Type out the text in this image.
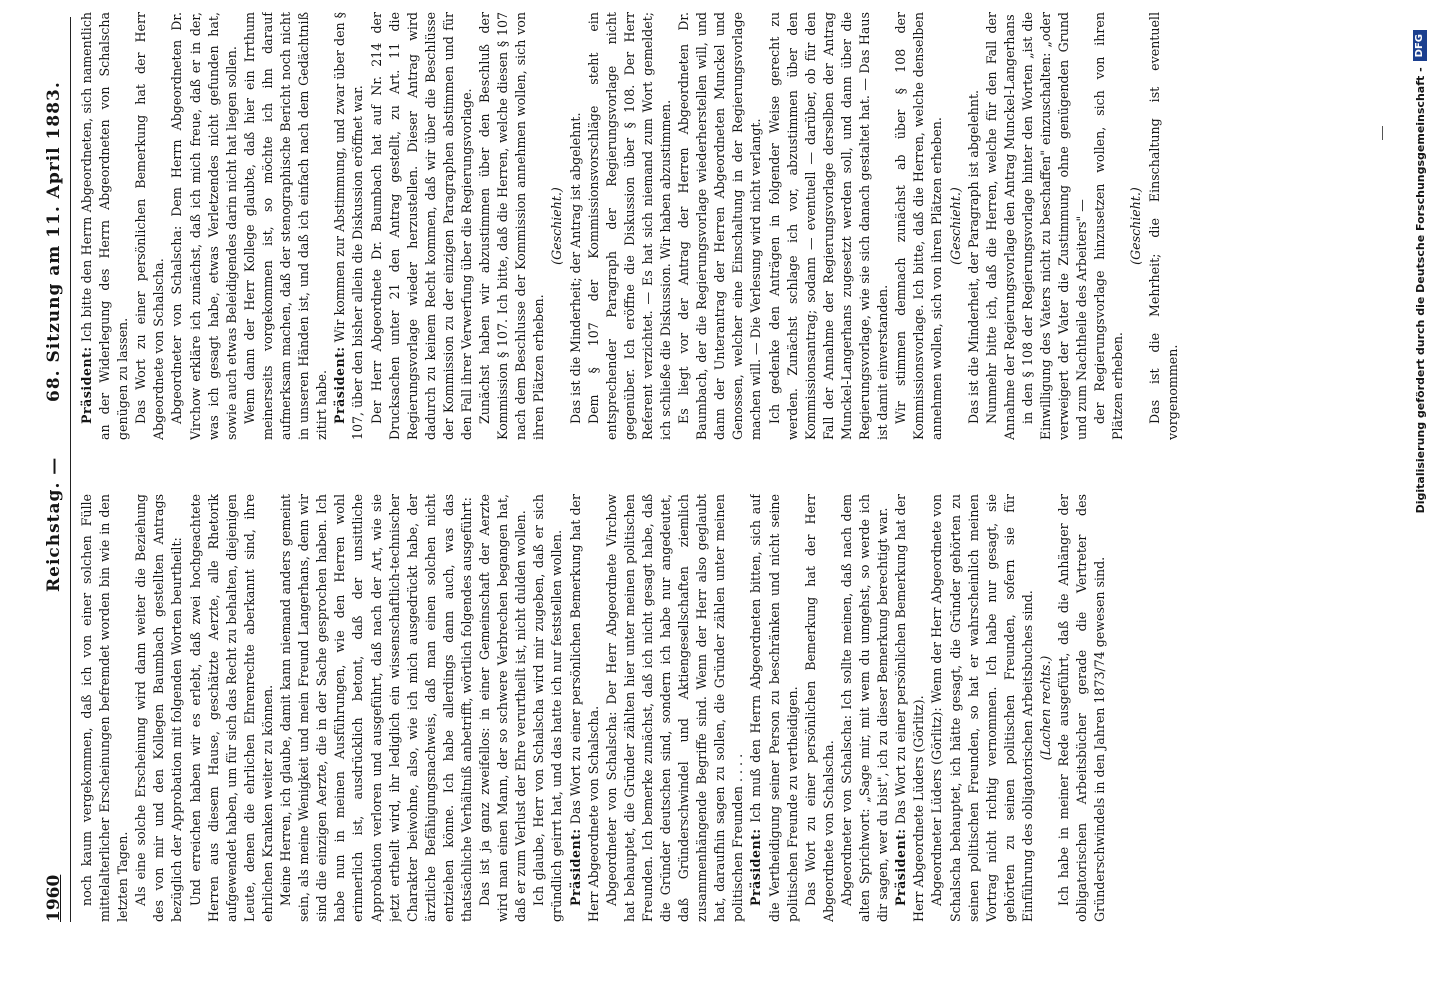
1960
Reichstag. —
68. Sitzung am 11. April 1883.

noch kaum vergekommen, daß ich von einer solchen Fülle mittelalterlicher Erscheinungen befremdet worden bin wie in den letzten Tagen. Als eine solche Erscheinung wird dann weiter die Beziehung des von mir und den Kollegen Baumbach gestellten Antrags bezüglich der Approbation mit folgenden Worten beurtheilt: Und erreichen haben wir es erlebt, daß zwei hochgeachtete Herren aus diesem Hause, geschätzte Aerzte, alle Rhetorik aufgewendet haben, um für sich das Recht zu behalten, diejenigen Leute, denen die ehrlichen Ehrenrechte aberkannt sind, ihre ehrlichen Kranken weiter zu können. Meine Herren, ich glaube, damit kann niemand anders gemeint sein, als meine Wenigkeit und mein Freund Langerhans, denn wir sind die einzigen Aerzte, die in der Sache gesprochen haben. Ich habe nun in meinen Ausführungen, wie den Herren wohl erinnerlich ist, ausdrücklich betont, daß der unsittliche Approbation verloren und ausgeführt, daß nach der Art, wie sie jetzt ertheilt wird, ihr lediglich ein wissenschaftlich-technischer Charakter beiwohne, also, wie ich mich ausgedrückt habe, der ärztliche Befähigungsnachweis, daß man einen solchen nicht entziehen könne. Ich habe allerdings dann auch, was das thatsächliche Verhältniß anbetrifft, wörtlich folgendes ausgeführt: Das ist ja ganz zweifellos: in einer Gemeinschaft der Aerzte wird man einen Mann, der so schwere Verbrechen begangen hat, daß er zum Verlust der Ehre verurtheilt ist, nicht dulden wollen. Ich glaube, Herr von Schalscha wird mir zugeben, daß er sich gründlich geirrt hat, und das hatte ich nur feststellen wollen. Präsident: Das Wort zu einer persönlichen Bemerkung hat der Herr Abgeordnete von Schalscha. Abgeordneter von Schalscha: Der Herr Abgeordnete Virchow hat behauptet, die Gründer zählten hier unter meinen politischen Freunden. Ich bemerke zunächst, daß ich nicht gesagt habe, daß die Gründer deutschen sind, sondern ich habe nur angedeutet, daß Gründerschwindel und Aktiengesellschaften ziemlich zusammenhängende Begriffe sind. Wenn der Herr also geglaubt hat, daraufhin sagen zu sollen, die Gründer zählen unter meinen politischen Freunden . . . . Präsident: Ich muß den Herrn Abgeordneten bitten, sich auf die Vertheidigung seiner Person zu beschränken und nicht seine politischen Freunde zu vertheidigen. Das Wort zu einer persönlichen Bemerkung hat der Herr Abgeordnete von Schalscha. Abgeordneter von Schalscha: Ich sollte meinen, daß nach dem alten Sprichwort: „Sage mir, mit wem du umgehst, so werde ich dir sagen, wer du bist", ich zu dieser Bemerkung berechtigt war. Präsident: Das Wort zu einer persönlichen Bemerkung hat der Herr Abgeordnete Lüders (Görlitz). Abgeordneter Lüders (Görlitz): Wenn der Herr Abgeordnete von Schalscha behauptet, ich hätte gesagt, die Gründer gehörten zu seinen politischen Freunden, so hat er wahrscheinlich meinen Vortrag nicht richtig vernommen. Ich habe nur gesagt, sie gehörten zu seinen politischen Freunden, sofern sie für Einführung des obligatorischen Arbeitsbuches sind. (Lachen rechts.) Ich habe in meiner Rede ausgeführt, daß die Anhänger der obligatorischen Arbeitsbücher gerade die Vertreter des Gründerschwindels in den Jahren 1873/74 gewesen sind.

Präsident: Ich bitte den Herrn Abgeordneten, sich namentlich an der Widerlegung des Herrn Abgeordneten von Schalscha genügen zu lassen. Das Wort zu einer persönlichen Bemerkung hat der Herr Abgeordnete von Schalscha. Abgeordneter von Schalscha: Dem Herrn Abgeordneten Dr. Virchow erkläre ich zunächst, daß ich mich freue, daß er in der, was ich gesagt habe, etwas Verletzendes nicht gefunden hat, sowie auch etwas Beleidigendes darin nicht hat liegen sollen. Wenn dann der Herr Kollege glaubte, daß hier ein Irrthum meinerseits vorgekommen ist, so möchte ich ihn darauf aufmerksam machen, daß der stenographische Bericht noch nicht in unseren Händen ist, und daß ich einfach nach dem Gedächtniß zitirt habe. Präsident: Wir kommen zur Abstimmung, und zwar über den § 107, über den bisher allein die Diskussion eröffnet war. Der Herr Abgeordnete Dr. Baumbach hat auf Nr. 214 der Drucksachen unter 21 den Antrag gestellt, zu Art. 11 die Regierungsvorlage wieder herzustellen. Dieser Antrag wird dadurch zu keinem Recht kommen, daß wir über die Beschlüsse der Kommission zu der einzigen Paragraphen abstimmen und für den Fall ihrer Verwerfung über die Regierungsvorlage. Zunächst haben wir abzustimmen über den Beschluß der Kommission § 107. Ich bitte, daß die Herren, welche diesen § 107 nach dem Beschlusse der Kommission annehmen wollen, sich von ihren Plätzen erheben.

(Geschieht.) Das ist die Minderheit; der Antrag ist abgelehnt. Dem § 107 der Kommissionsvorschläge steht ein entsprechender Paragraph der Regierungsvorlage nicht gegenüber. Ich eröffne die Diskussion über § 108. Der Herr Referent verzichtet. — Es hat sich niemand zum Wort gemeldet; ich schließe die Diskussion. Wir haben abzustimmen. Es liegt vor der Antrag der Herren Abgeordneten Dr. Baumbach, der die Regierungsvorlage wiederherstellen will, und dann der Unterantrag der Herren Abgeordneten Munckel und Genossen, welcher eine Einschaltung in der Regierungsvorlage machen will. — Die Verlesung wird nicht verlangt. Ich gedenke den Anträgen in folgender Weise gerecht zu werden. Zunächst schlage ich vor, abzustimmen über den Kommissionsantrag; sodann — eventuell — darüber, ob für den Fall der Annahme der Regierungsvorlage derselben der Antrag Munckel-Langerhans zugesetzt werden soll, und dann über die Regierungsvorlage, wie sie sich danach gestaltet hat. — Das Haus ist damit einverstanden. Wir stimmen demnach zunächst ab über § 108 der Kommissionsvorlage. Ich bitte, daß die Herren, welche denselben annehmen wollen, sich von ihren Plätzen erheben. (Geschieht.) Das ist die Minderheit, der Paragraph ist abgelehnt. Nunmehr bitte ich, daß die Herren, welche für den Fall der Annahme der Regierungsvorlage den Antrag Munckel-Langerhans in den § 108 der Regierungsvorlage hinter den Worten „ist die Einwilligung des Vaters nicht zu beschaffen" einzuschalten: „oder verweigert der Vater die Zustimmung ohne genügenden Grund und zum Nachtheile des Arbeiters" — der Regierungsvorlage hinzusetzen wollen, sich von ihren Plätzen erheben.

(Geschieht.) Das ist die Mehrheit; die Einschaltung ist eventuell vorgenommen.	Digitalisierung gefördert durch die Deutsche Forschungsgemeinschaft -
DFG
